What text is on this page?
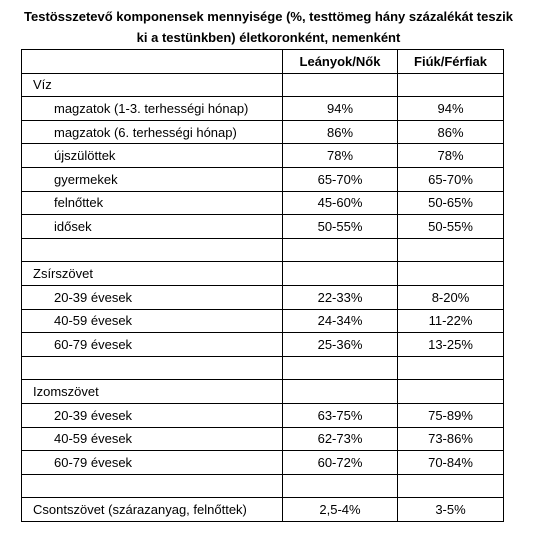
Testösszetevő komponensek mennyisége (%, testtömeg hány százalékát teszik
ki a testünkben) életkoronként, nemenként
	Leányok/Nők	Fiúk/Férfiak
Víz		
magzatok (1-3. terhességi hónap)	94%	94%
magzatok (6. terhességi hónap)	86%	86%
újszülöttek	78%	78%
gyermekek	65-70%	65-70%
felnőttek	45-60%	50-65%
idősek	50-55%	50-55%

Zsírszövet		
20-39 évesek	22-33%	8-20%
40-59 évesek	24-34%	11-22%
60-79 évesek	25-36%	13-25%

Izomszövet		
20-39 évesek	63-75%	75-89%
40-59 évesek	62-73%	73-86%
60-79 évesek	60-72%	70-84%

Csontszövet (szárazanyag, felnőttek)	2,5-4%	3-5%
